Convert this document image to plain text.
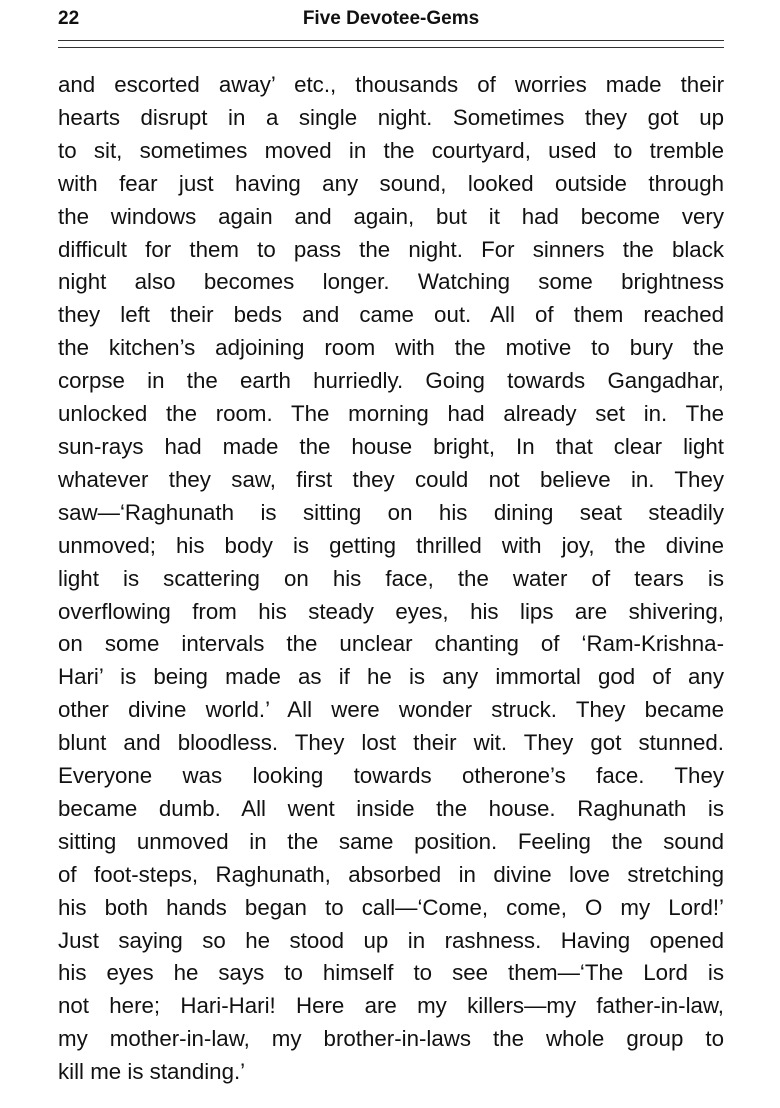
22	Five Devotee-Gems
and escorted away’ etc., thousands of worries made their
hearts disrupt in a single night. Sometimes they got up
to sit, sometimes moved in the courtyard, used to tremble
with fear just having any sound, looked outside through
the windows again and again, but it had become very
difficult for them to pass the night. For sinners the black
night also becomes longer. Watching some brightness
they left their beds and came out. All of them reached
the kitchen’s adjoining room with the motive to bury the
corpse in the earth hurriedly. Going towards Gangadhar,
unlocked the room. The morning had already set in. The
sun-rays had made the house bright, In that clear light
whatever they saw, first they could not believe in. They
saw—‘Raghunath is sitting on his dining seat steadily
unmoved; his body is getting thrilled with joy, the divine
light is scattering on his face, the water of tears is
overflowing from his steady eyes, his lips are shivering,
on some intervals the unclear chanting of ‘Ram-Krishna-
Hari’ is being made as if he is any immortal god of any
other divine world.’ All were wonder struck. They became
blunt and bloodless. They lost their wit. They got stunned.
Everyone was looking towards otherone’s face. They
became dumb. All went inside the house. Raghunath is
sitting unmoved in the same position. Feeling the sound
of foot-steps, Raghunath, absorbed in divine love stretching
his both hands began to call—‘Come, come, O my Lord!’
Just saying so he stood up in rashness. Having opened
his eyes he says to himself to see them—‘The Lord is
not here; Hari-Hari! Here are my killers—my father-in-law,
my mother-in-law, my brother-in-laws the whole group to
kill me is standing.’
